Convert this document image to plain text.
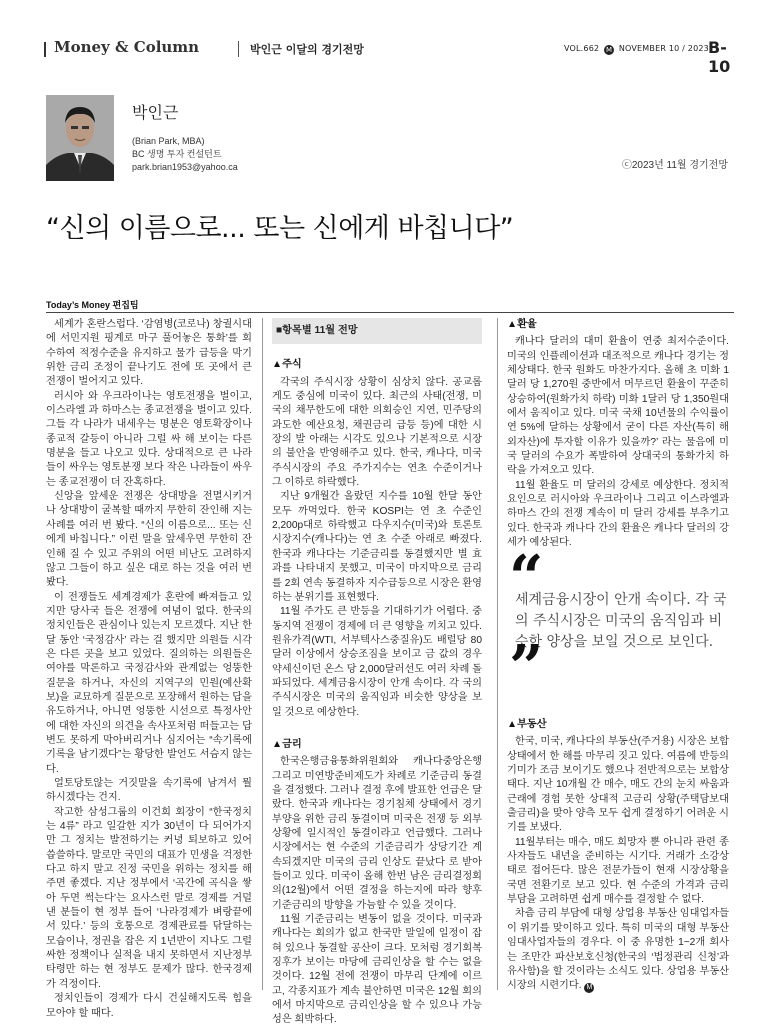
Money & Column	박인근 이달의 경기전망	VOL.662 M NOVEMBER 10 / 2023 B-10
박인근
(Brian Park, MBA)
BC 생명 투자 컨설턴트
park.brian1953@yahoo.ca	ⓒ2023년 11월 경기전망
“신의 이름으로... 또는 신에게 바칩니다”
Today’s Money 편집팀

세계가 혼란스럽다. ‘감염병(코로나) 창궐시대에 서민지원 핑계로 마구 풀어놓은 통화’를 회수하여 적정수준을 유지하고 물가 급등을 막기위한 금리 조정이 끝나기도 전에 또 곳에서 큰 전쟁이 벌어지고 있다.

러시아 와 우크라이나는 영토전쟁을 벌이고, 이스라엘 과 하마스는 종교전쟁을 벌이고 있다. 그들 각 나라가 내세우는 명분은 영토확장이나 종교적 갈등이 아니라 그럴 싸 해 보이는 다른 명분을 들고 나오고 있다. 상대적으로 큰 나라들이 싸우는 영토분쟁 보다 작은 나라들이 싸우는 종교전쟁이 더 잔혹하다.

신앙을 앞세운 전쟁은 상대방을 전멸시키거나 상대방이 굴복할 때까지 무한히 잔인해 지는 사례를 여러 번 봤다. “신의 이름으로... 또는 신에게 바칩니다.” 이런 말을 앞세우면 무한히 잔인해 질 수 있고 주위의 어떤 비난도 고려하지 않고 그들이 하고 싶은 대로 하는 것을 여러 번 봤다.

이 전쟁들도 세계경제가 혼란에 빠져들고 있지만 당사국 들은 전쟁에 여념이 없다. 한국의 정치인들은 관심이나 있는지 모르겠다. 지난 한 달 동안 ‘국정감사’ 라는 걸 했지만 의원들 시각은 다른 곳을 보고 있었다. 질의하는 의원들은 여야를 막론하고 국정감사와 관계없는 엉뚱한 질문을 하거나, 자신의 지역구의 민원(예산확보)을 교묘하게 질문으로 포장해서 원하는 답을 유도하거나, 아니면 엉뚱한 시선으로 특정사안에 대한 자신의 의견을 속사포처럼 떠들고는 답변도 못하게 막아버리거나 심지어는 “속기록에 기록을 남기겠다”는 황당한 발언도 서슴지 않는다.

얼토당토않는 거짓말을 속기록에 남겨서 뭘 하시겠다는 건지.

작고한 삼성그룹의 이건희 회장이 “한국정치는 4류” 라고 일갈한 지가 30년이 다 되어가지만 그 정치는 발전하기는 커녕 퇴보하고 있어 씁쓸하다. 말로만 국민의 대표가 민생을 걱정한다고 하지 말고 진정 국민을 위하는 정치를 해 주면 좋겠다. 지난 정부에서 ‘곡간에 곡식을 쌓아 두면 썩는다’는 요사스런 말로 경제를 거덜 낸 분들이 현 정부 들어 ‘나라경제가 벼랑끝에 서 있다.’ 등의 호통으로 경제관료를 닦달하는 모습이나, 정권을 잡은 지 1년반이 지나도 그럴싸한 정책이나 실적을 내지 못하면서 지난정부 타령만 하는 현 정부도 문제가 많다. 한국경제가 걱정이다.

정치인들이 경제가 다시 건실해지도록 힘을 모아야 할 때다.

■항목별 11월 전망
▲주식

각국의 주식시장 상황이 심상치 않다. 공교롭게도 중심에 미국이 있다. 최근의 사태(전쟁, 미국의 채무한도에 대한 의회승인 지연, 민주당의 과도한 예산요청, 채권금리 급등 등)에 대한 시장의 발 아래는 시각도 있으나 기본적으로 시장의 불안을 반영해주고 있다. 한국, 캐나다, 미국 주식시장의 주요 주가지수는 연초 수준이거나 그 이하로 하락했다.

지난 9개월간 올랐던 지수를 10월 한달 동안 모두 까먹었다. 한국 KOSPI는 연 초 수준인 2,200p대로 하락했고 다우지수(미국)와 토론토시장지수(캐나다)는 연 초 수준 아래로 빠졌다. 한국과 캐나다는 기준금리를 동결했지만 별 효과를 나타내지 못했고, 미국이 마지막으로 금리를 2회 연속 동결하자 지수급등으로 시장은 환영하는 분위기를 표현했다.

11월 주가도 큰 반등을 기대하기가 어렵다. 중동지역 전쟁이 경제에 더 큰 영향을 끼치고 있다. 원유가격(WTI, 서부텍사스중질유)도 배럴당 80달러 이상에서 상승조짐을 보이고 금 값의 경우 약세신이던 온스 당 2,000달러선도 여러 차례 돌파되었다. 세계금융시장이 안개 속이다. 각 국의 주식시장은 미국의 움직임과 비슷한 양상을 보일 것으로 예상한다.

▲금리

한국은행금융통화위원회와 캐나다중앙은행 그리고 미연방준비제도가 차례로 기준금리 동결을 결정했다. 그러나 결정 후에 발표한 언급은 달랐다. 한국과 캐나다는 경기침체 상태에서 경기 부양을 위한 금리 동결이며 미국은 전쟁 등 외부상황에 일시적인 동결이라고 언급했다. 그러나 시장에서는 현 수준의 기준금리가 상당기간 계속되겠지만 미국의 금리 인상도 끝났다 로 받아들이고 있다. 미국이 올해 한번 남은 금리결정회의(12월)에서 어떤 결정을 하는지에 따라 향후 기준금리의 방향을 가늠할 수 있을 것이다.

11월 기준금리는 변동이 없을 것이다. 미국과 캐나다는 회의가 없고 한국만 말일에 일정이 잡혀 있으나 동결할 공산이 크다. 모처럼 경기회복 징후가 보이는 마당에 금리인상을 할 수는 없을 것이다. 12월 전에 전쟁이 마무리 단계에 이르고, 각종지표가 계속 불안하면 미국은 12월 회의에서 마지막으로 금리인상을 할 수 있으나 가능성은 희박하다.

▲환율

캐나다 달러의 대미 환율이 연중 최저수준이다. 미국의 인플레이션과 대조적으로 캐나다 경기는 정체상태다. 한국 원화도 마찬가지다. 올해 초 미화 1달러 당 1,270원 중반에서 머무르던 환율이 꾸준히 상승하여(원화가치 하락) 미화 1달러 당 1,350원대에서 움직이고 있다. 미국 국채 10년물의 수익률이 연 5%에 달하는 상황에서 굳이 다른 자산(특히 해외자산)에 투자할 이유가 있을까?’ 라는 물음에 미국 달러의 수요가 폭발하여 상대국의 통화가치 하락을 가져오고 있다.

11월 환율도 미 달러의 강세로 예상한다. 정치적 요인으로 러시아와 우크라이나 그리고 이스라엘과 하마스 간의 전쟁 계속이 미 달러 강세를 부추기고 있다. 한국과 캐나다 간의 환율은 캐나다 달러의 강세가 예상된다.

“
세계금융시장이 안개 속이다. 각 국의 주식시장은 미국의 움직임과 비슷한 양상을 보일 것으로 보인다.
”
▲부동산

한국, 미국, 캐나다의 부동산(주거용) 시장은 보합상태에서 한 해를 마무리 짓고 있다. 여름에 반등의 기미가 조금 보이기도 했으나 전반적으로는 보합상태다. 지난 10개월 간 매수, 매도 간의 눈치 싸움과 근래에 경험 못한 상대적 고금리 상황(주택담보대출금리)을 맞아 양측 모두 쉽게 결정하기 어려운 시기를 보냈다.

11월부터는 매수, 매도 희망자 뿐 아니라 관련 종사자들도 내년을 준비하는 시기다. 거래가 소강상태로 접어든다. 많은 전문가들이 현재 시장상황을 국면 전환기로 보고 있다. 현 수준의 가격과 금리 부담을 고려하면 쉽게 매수를 결정할 수 없다.

차츰 금리 부담에 대형 상업용 부동산 임대업자들이 위기를 맞이하고 있다. 특히 미국의 대형 부동산 임대사업자들의 경우다. 이 중 유명한 1~2개 회사는 조만간 파산보호신청(한국의 ‘법정관리 신청’과 유사함)을 할 것이라는 소식도 있다. 상업용 부동산 시장의 시련기다. M
